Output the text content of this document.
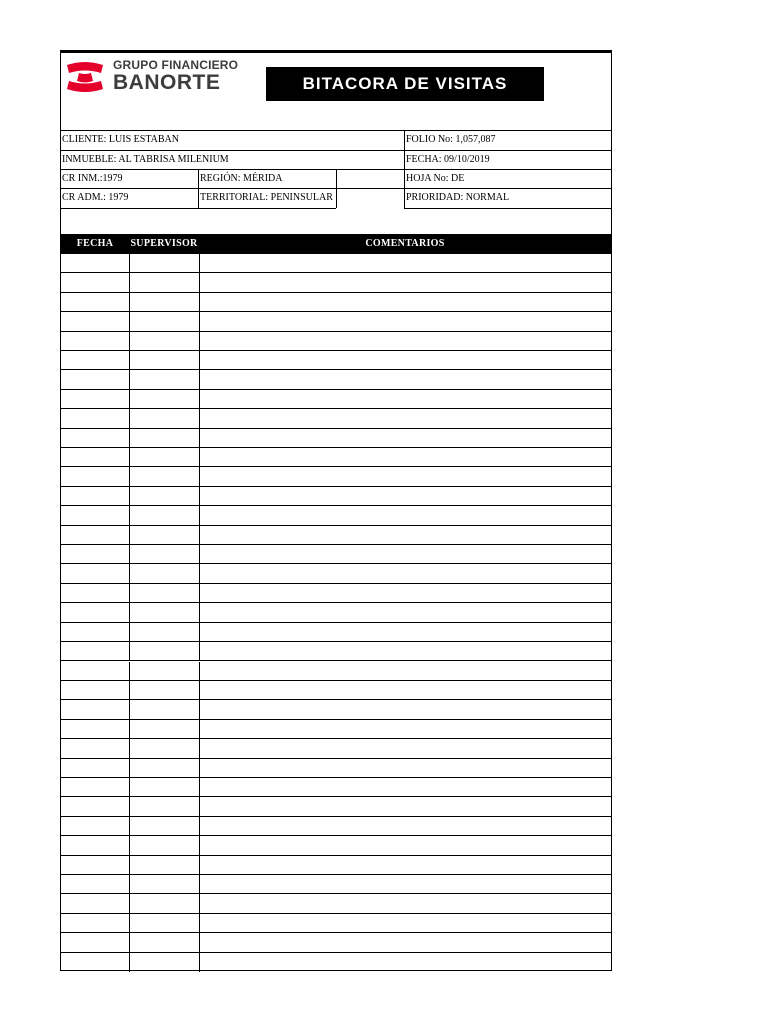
GRUPO FINANCIERO
BANORTE	BITACORA DE VISITAS
CLIENTE: LUIS ESTABAN	FOLIO No: 1,057,087
INMUEBLE: AL TABRISA MILENIUM	FECHA: 09/10/2019
CR INM.:1979	REGIÓN: MÉRIDA	HOJA No: DE
CR ADM.: 1979	TERRITORIAL: PENINSULAR	PRIORIDAD: NORMAL
FECHA	SUPERVISOR	COMENTARIOS
